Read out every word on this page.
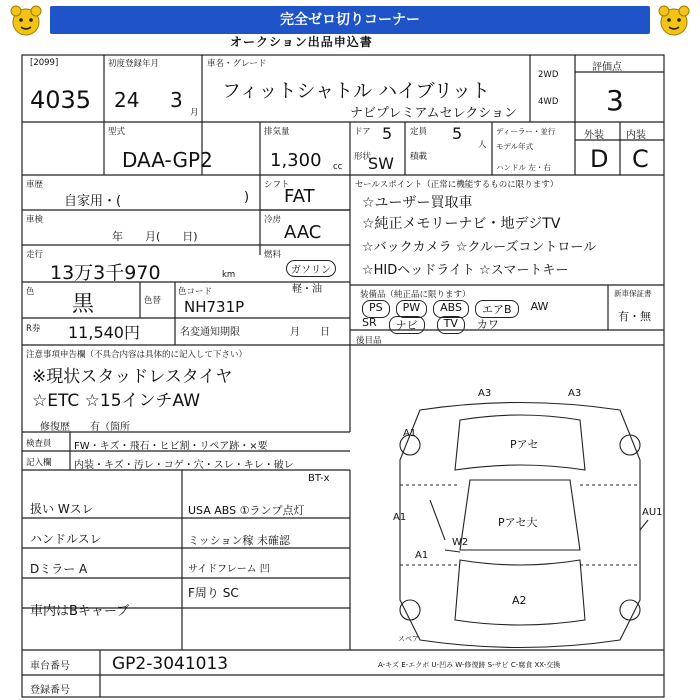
完全ゼロ切りコーナー
オークション出品申込書
[2099]
4035
初度登録年月
24 3
月
車名・グレード
フィットシャトル ハイブリット
ナビプレミアムセレクション
2WD
4WD
評価点
3
型式
DAA-GP2
排気量
1,300 cc
ドア 5 定員 5
人
形状
SW 積載
ディーラー・並行
モデル年式
ハンドル 左・右
外装 内装
D C
車歴
自家用・(	)
車検
年　　月(　　日)
走行
13万3千970	km
色 黒	色替
色コード
NH731P
R券 11,540円	名変通知期限	月　　日
シフト
FAT
冷房
AAC
燃料
ガソリン
軽・油
セールスポイント（正常に機能するものに限ります）
☆ユーザー買取車
☆純正メモリーナビ・地デジTV
☆バックカメラ ☆クルーズコントロール
☆HIDヘッドライト ☆スマートキー
装備品（純正品に限ります）
PS	PW	ABS	エアB	AW
SR	ナビ	TV	カワ
新車保証書
有・無
後目品
注意事項申告欄（不具合内容は具体的に記入して下さい）
※現状スタッドレスタイヤ
☆ETC ☆15インチAW
修復歴　　有（箇所
検査員
記入欄
FW・キズ・飛石・ヒビ割・リペア跡・×要
内装・キズ・汚レ・コゲ・穴・スレ・キレ・破レ
扱い Wスレ
ハンドルスレ
Dミラー A
車内はBキャーブ
BT-x
USA ABS ①ランプ点灯
ミッション稼 未確認
サイドフレーム 凹
F周り SC
A3	A3
A1
Pアセ
Pアセ大
A1	AU1
A1
W2
A2
スペア
A-キズ E-エクボ U-凹み W-修復跡 S-サビ C-腐食 XX-交換
車台番号 GP2-3041013
登録番号
